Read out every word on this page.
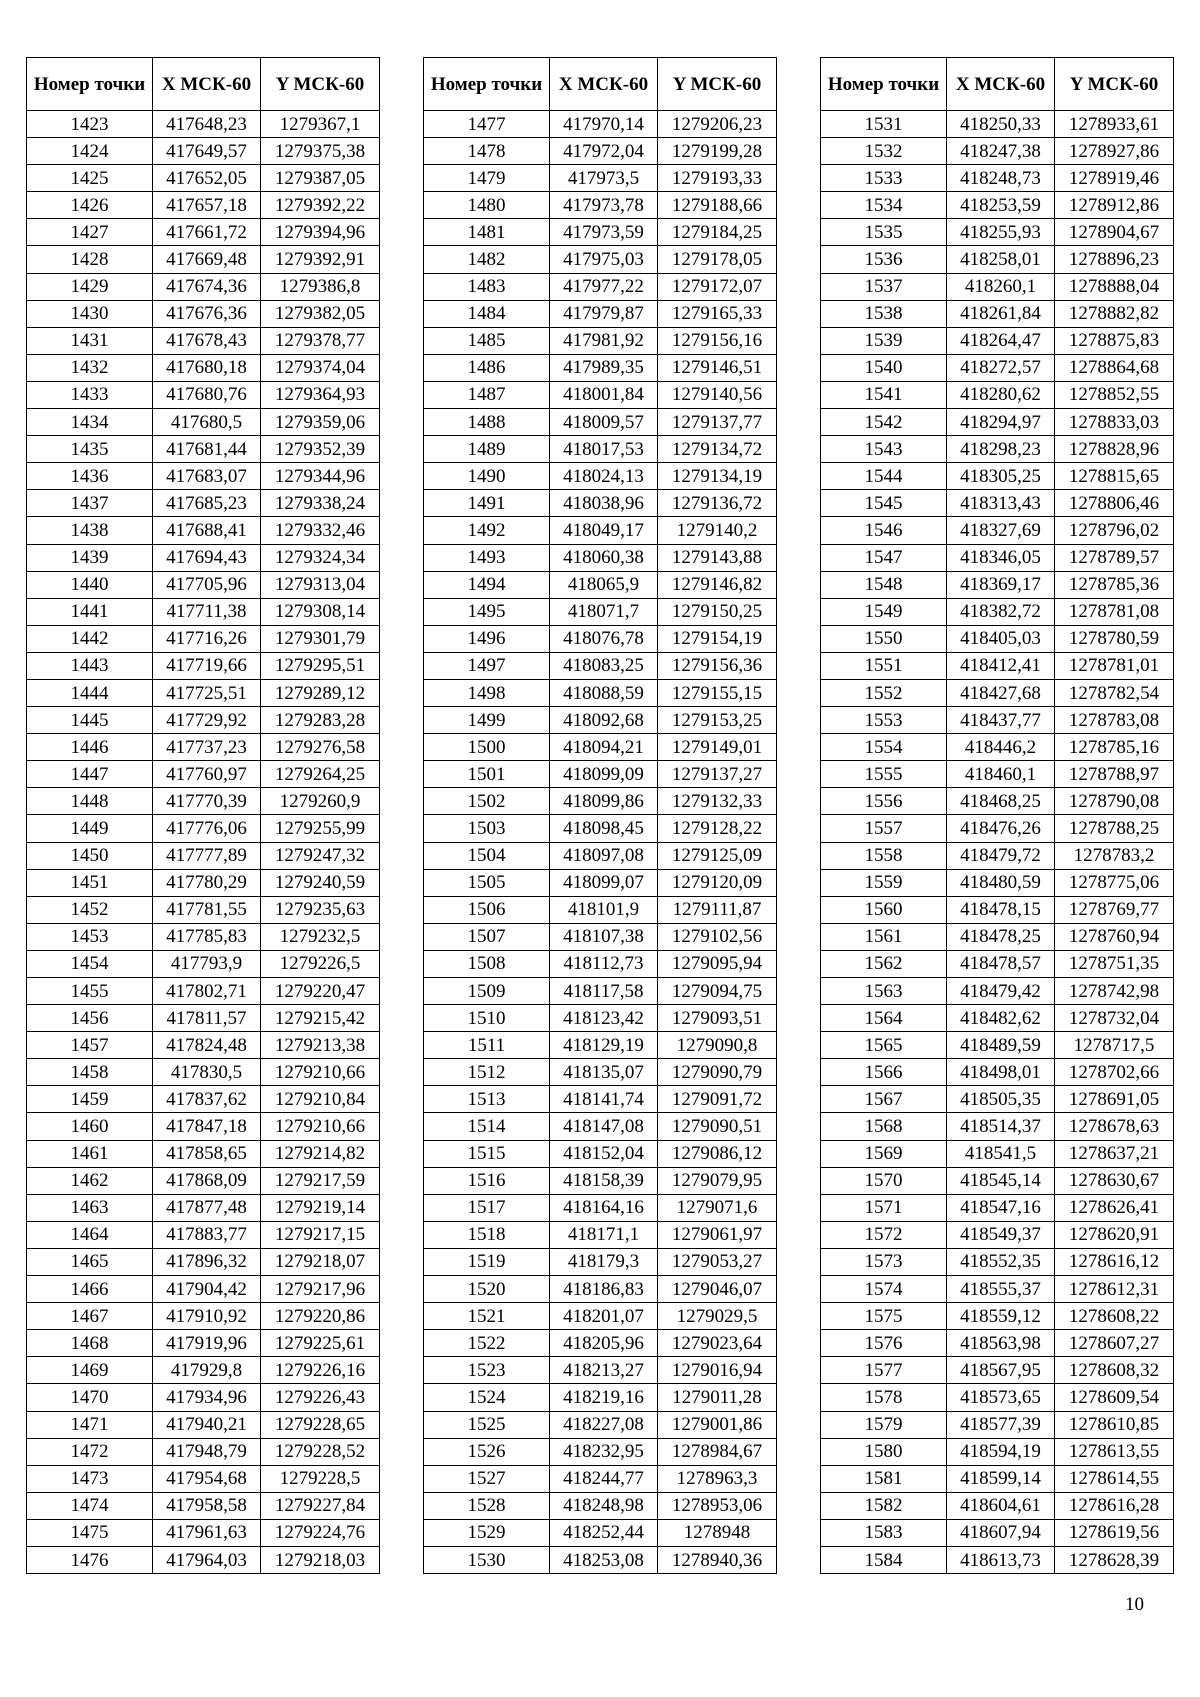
Номер точки	X МСК-60	Y МСК-60
1423	417648,23	1279367,1
1424	417649,57	1279375,38
1425	417652,05	1279387,05
1426	417657,18	1279392,22
1427	417661,72	1279394,96
1428	417669,48	1279392,91
1429	417674,36	1279386,8
1430	417676,36	1279382,05
1431	417678,43	1279378,77
1432	417680,18	1279374,04
1433	417680,76	1279364,93
1434	417680,5	1279359,06
1435	417681,44	1279352,39
1436	417683,07	1279344,96
1437	417685,23	1279338,24
1438	417688,41	1279332,46
1439	417694,43	1279324,34
1440	417705,96	1279313,04
1441	417711,38	1279308,14
1442	417716,26	1279301,79
1443	417719,66	1279295,51
1444	417725,51	1279289,12
1445	417729,92	1279283,28
1446	417737,23	1279276,58
1447	417760,97	1279264,25
1448	417770,39	1279260,9
1449	417776,06	1279255,99
1450	417777,89	1279247,32
1451	417780,29	1279240,59
1452	417781,55	1279235,63
1453	417785,83	1279232,5
1454	417793,9	1279226,5
1455	417802,71	1279220,47
1456	417811,57	1279215,42
1457	417824,48	1279213,38
1458	417830,5	1279210,66
1459	417837,62	1279210,84
1460	417847,18	1279210,66
1461	417858,65	1279214,82
1462	417868,09	1279217,59
1463	417877,48	1279219,14
1464	417883,77	1279217,15
1465	417896,32	1279218,07
1466	417904,42	1279217,96
1467	417910,92	1279220,86
1468	417919,96	1279225,61
1469	417929,8	1279226,16
1470	417934,96	1279226,43
1471	417940,21	1279228,65
1472	417948,79	1279228,52
1473	417954,68	1279228,5
1474	417958,58	1279227,84
1475	417961,63	1279224,76
1476	417964,03	1279218,03
Номер точки	X МСК-60	Y МСК-60
1477	417970,14	1279206,23
1478	417972,04	1279199,28
1479	417973,5	1279193,33
1480	417973,78	1279188,66
1481	417973,59	1279184,25
1482	417975,03	1279178,05
1483	417977,22	1279172,07
1484	417979,87	1279165,33
1485	417981,92	1279156,16
1486	417989,35	1279146,51
1487	418001,84	1279140,56
1488	418009,57	1279137,77
1489	418017,53	1279134,72
1490	418024,13	1279134,19
1491	418038,96	1279136,72
1492	418049,17	1279140,2
1493	418060,38	1279143,88
1494	418065,9	1279146,82
1495	418071,7	1279150,25
1496	418076,78	1279154,19
1497	418083,25	1279156,36
1498	418088,59	1279155,15
1499	418092,68	1279153,25
1500	418094,21	1279149,01
1501	418099,09	1279137,27
1502	418099,86	1279132,33
1503	418098,45	1279128,22
1504	418097,08	1279125,09
1505	418099,07	1279120,09
1506	418101,9	1279111,87
1507	418107,38	1279102,56
1508	418112,73	1279095,94
1509	418117,58	1279094,75
1510	418123,42	1279093,51
1511	418129,19	1279090,8
1512	418135,07	1279090,79
1513	418141,74	1279091,72
1514	418147,08	1279090,51
1515	418152,04	1279086,12
1516	418158,39	1279079,95
1517	418164,16	1279071,6
1518	418171,1	1279061,97
1519	418179,3	1279053,27
1520	418186,83	1279046,07
1521	418201,07	1279029,5
1522	418205,96	1279023,64
1523	418213,27	1279016,94
1524	418219,16	1279011,28
1525	418227,08	1279001,86
1526	418232,95	1278984,67
1527	418244,77	1278963,3
1528	418248,98	1278953,06
1529	418252,44	1278948
1530	418253,08	1278940,36
Номер точки	X МСК-60	Y МСК-60
1531	418250,33	1278933,61
1532	418247,38	1278927,86
1533	418248,73	1278919,46
1534	418253,59	1278912,86
1535	418255,93	1278904,67
1536	418258,01	1278896,23
1537	418260,1	1278888,04
1538	418261,84	1278882,82
1539	418264,47	1278875,83
1540	418272,57	1278864,68
1541	418280,62	1278852,55
1542	418294,97	1278833,03
1543	418298,23	1278828,96
1544	418305,25	1278815,65
1545	418313,43	1278806,46
1546	418327,69	1278796,02
1547	418346,05	1278789,57
1548	418369,17	1278785,36
1549	418382,72	1278781,08
1550	418405,03	1278780,59
1551	418412,41	1278781,01
1552	418427,68	1278782,54
1553	418437,77	1278783,08
1554	418446,2	1278785,16
1555	418460,1	1278788,97
1556	418468,25	1278790,08
1557	418476,26	1278788,25
1558	418479,72	1278783,2
1559	418480,59	1278775,06
1560	418478,15	1278769,77
1561	418478,25	1278760,94
1562	418478,57	1278751,35
1563	418479,42	1278742,98
1564	418482,62	1278732,04
1565	418489,59	1278717,5
1566	418498,01	1278702,66
1567	418505,35	1278691,05
1568	418514,37	1278678,63
1569	418541,5	1278637,21
1570	418545,14	1278630,67
1571	418547,16	1278626,41
1572	418549,37	1278620,91
1573	418552,35	1278616,12
1574	418555,37	1278612,31
1575	418559,12	1278608,22
1576	418563,98	1278607,27
1577	418567,95	1278608,32
1578	418573,65	1278609,54
1579	418577,39	1278610,85
1580	418594,19	1278613,55
1581	418599,14	1278614,55
1582	418604,61	1278616,28
1583	418607,94	1278619,56
1584	418613,73	1278628,39
10
